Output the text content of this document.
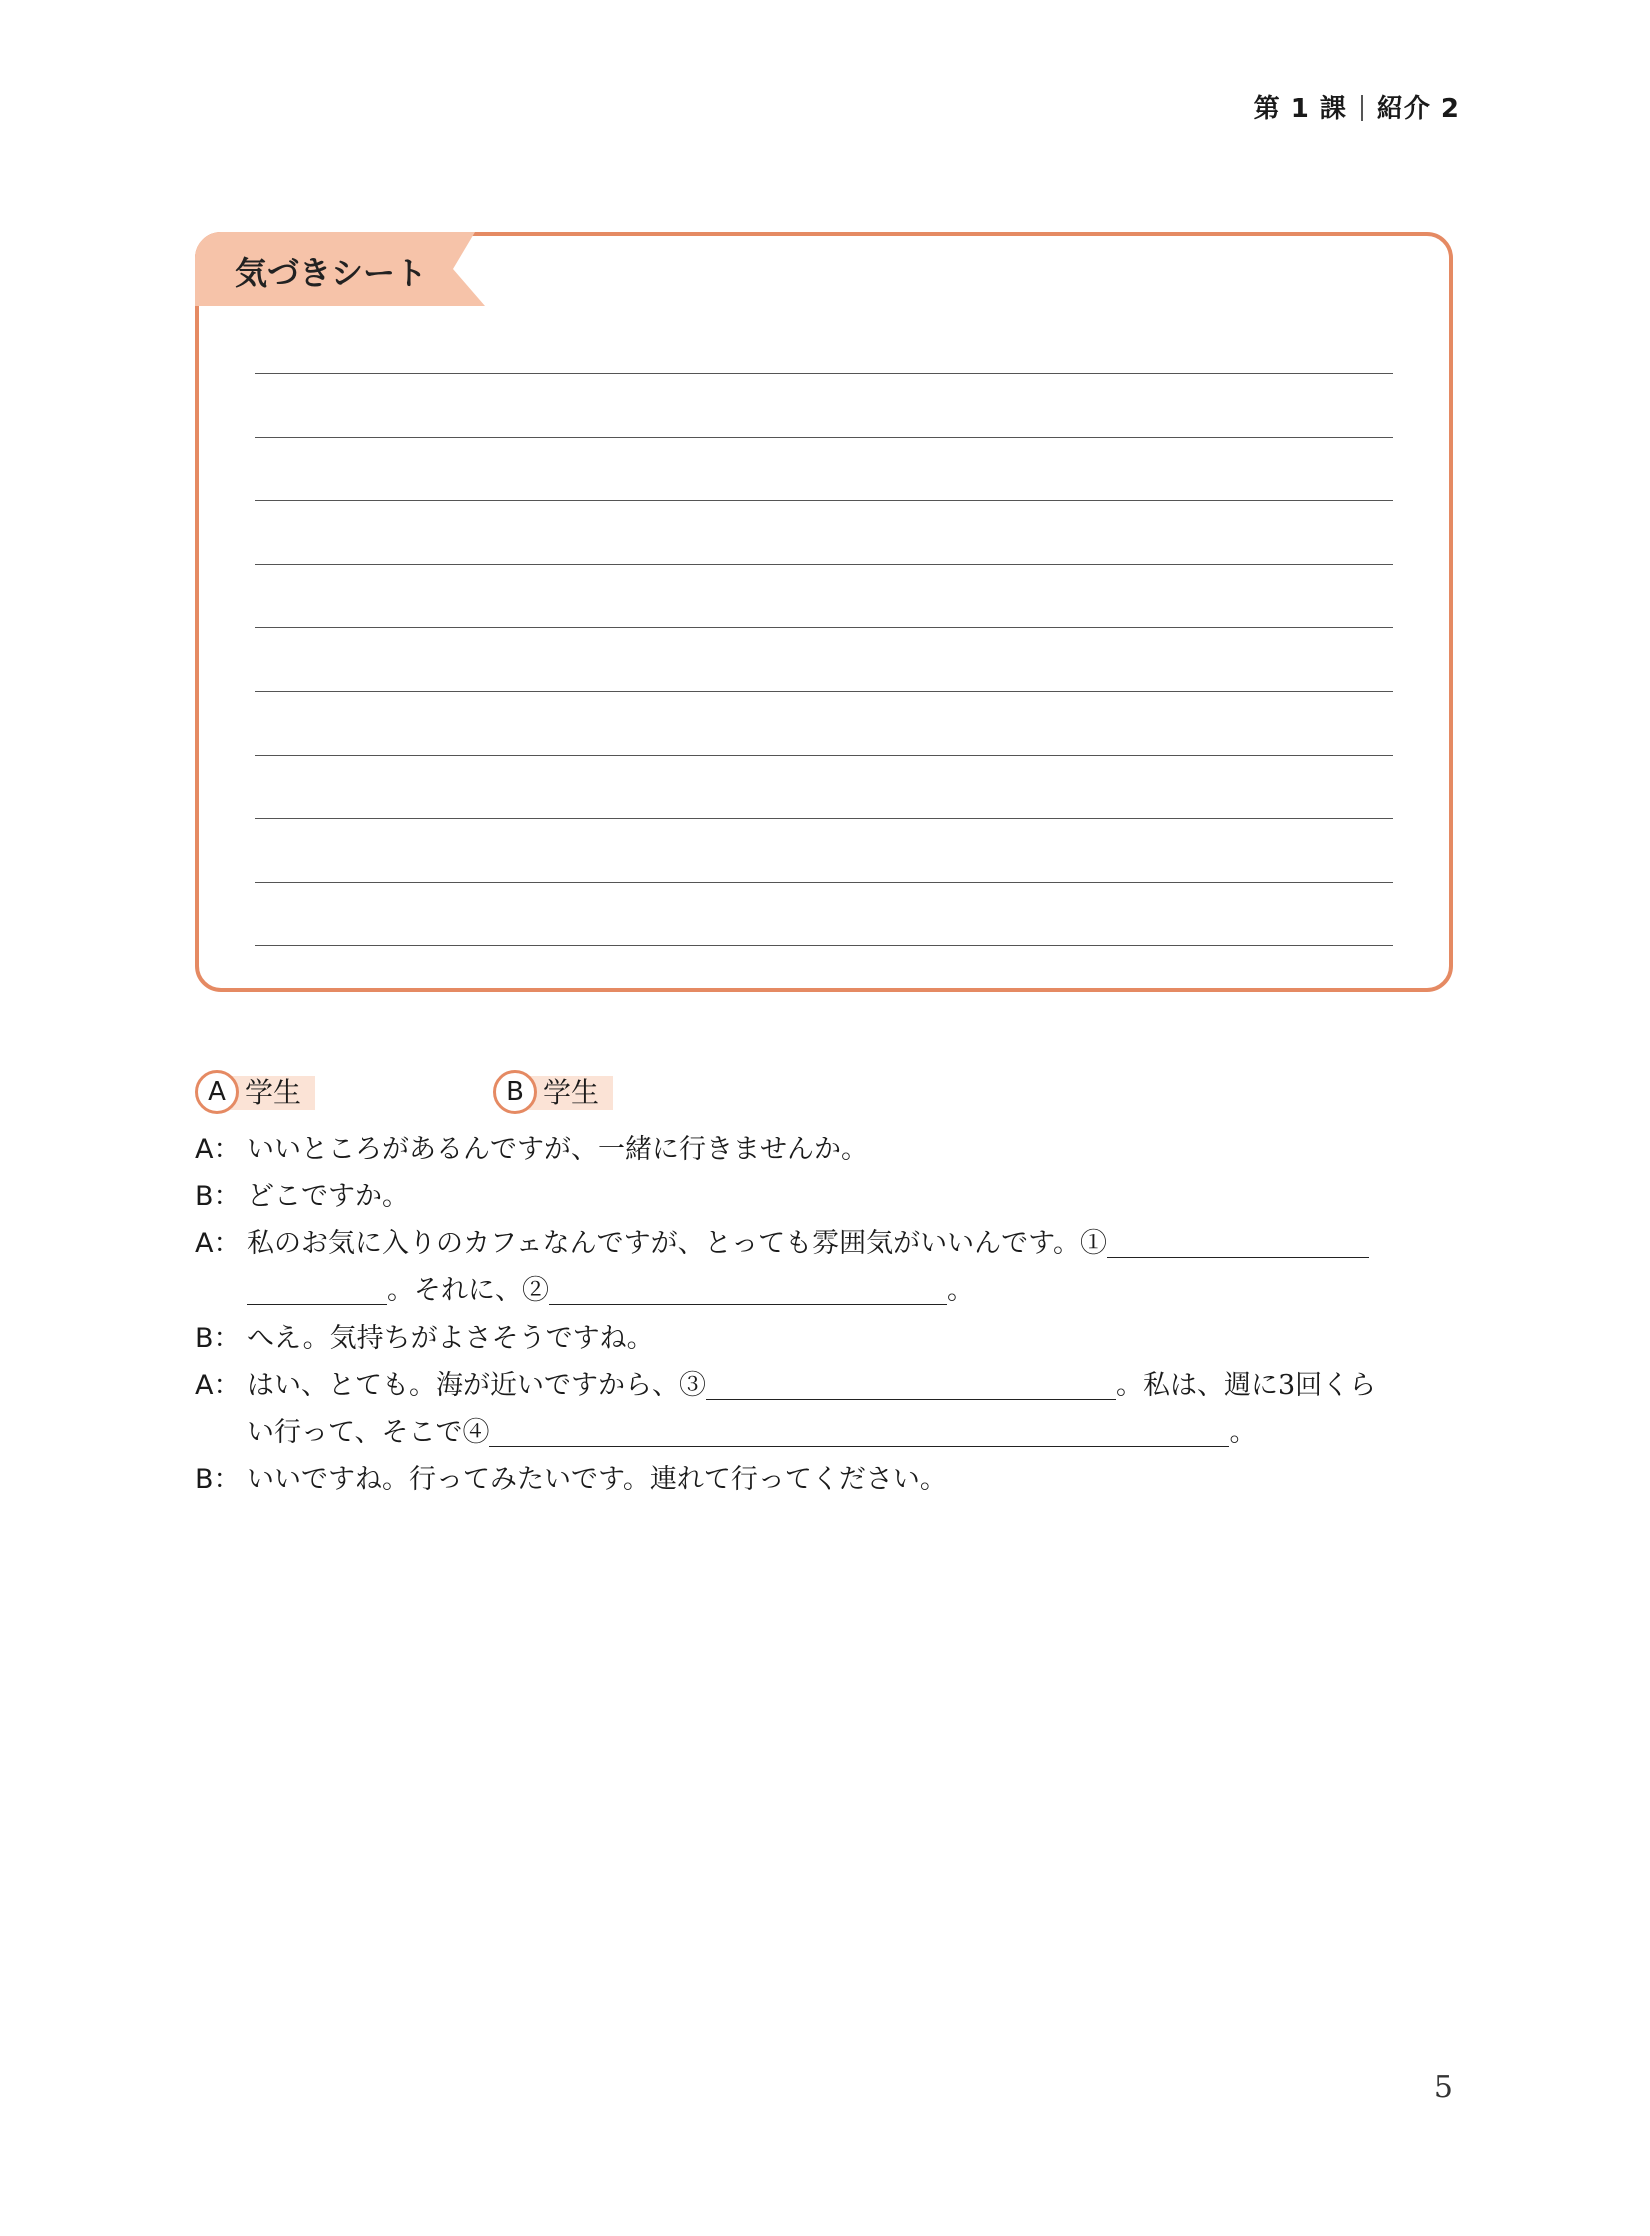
第 1 課 紹介 2
気づきシート
学生
A	学生
B
A： いいところがあるんですが、一緒に行きませんか。
B： どこですか。
A： 私のお気に入りのカフェなんですが、とっても雰囲気がいいんです。①
。それに、②	。
B： へえ。気持ちがよさそうですね。
A： はい、とても。海が近いですから、③	。私は、週に3回くら
い行って、そこで④	。
B： いいですね。行ってみたいです。連れて行ってください。
5
